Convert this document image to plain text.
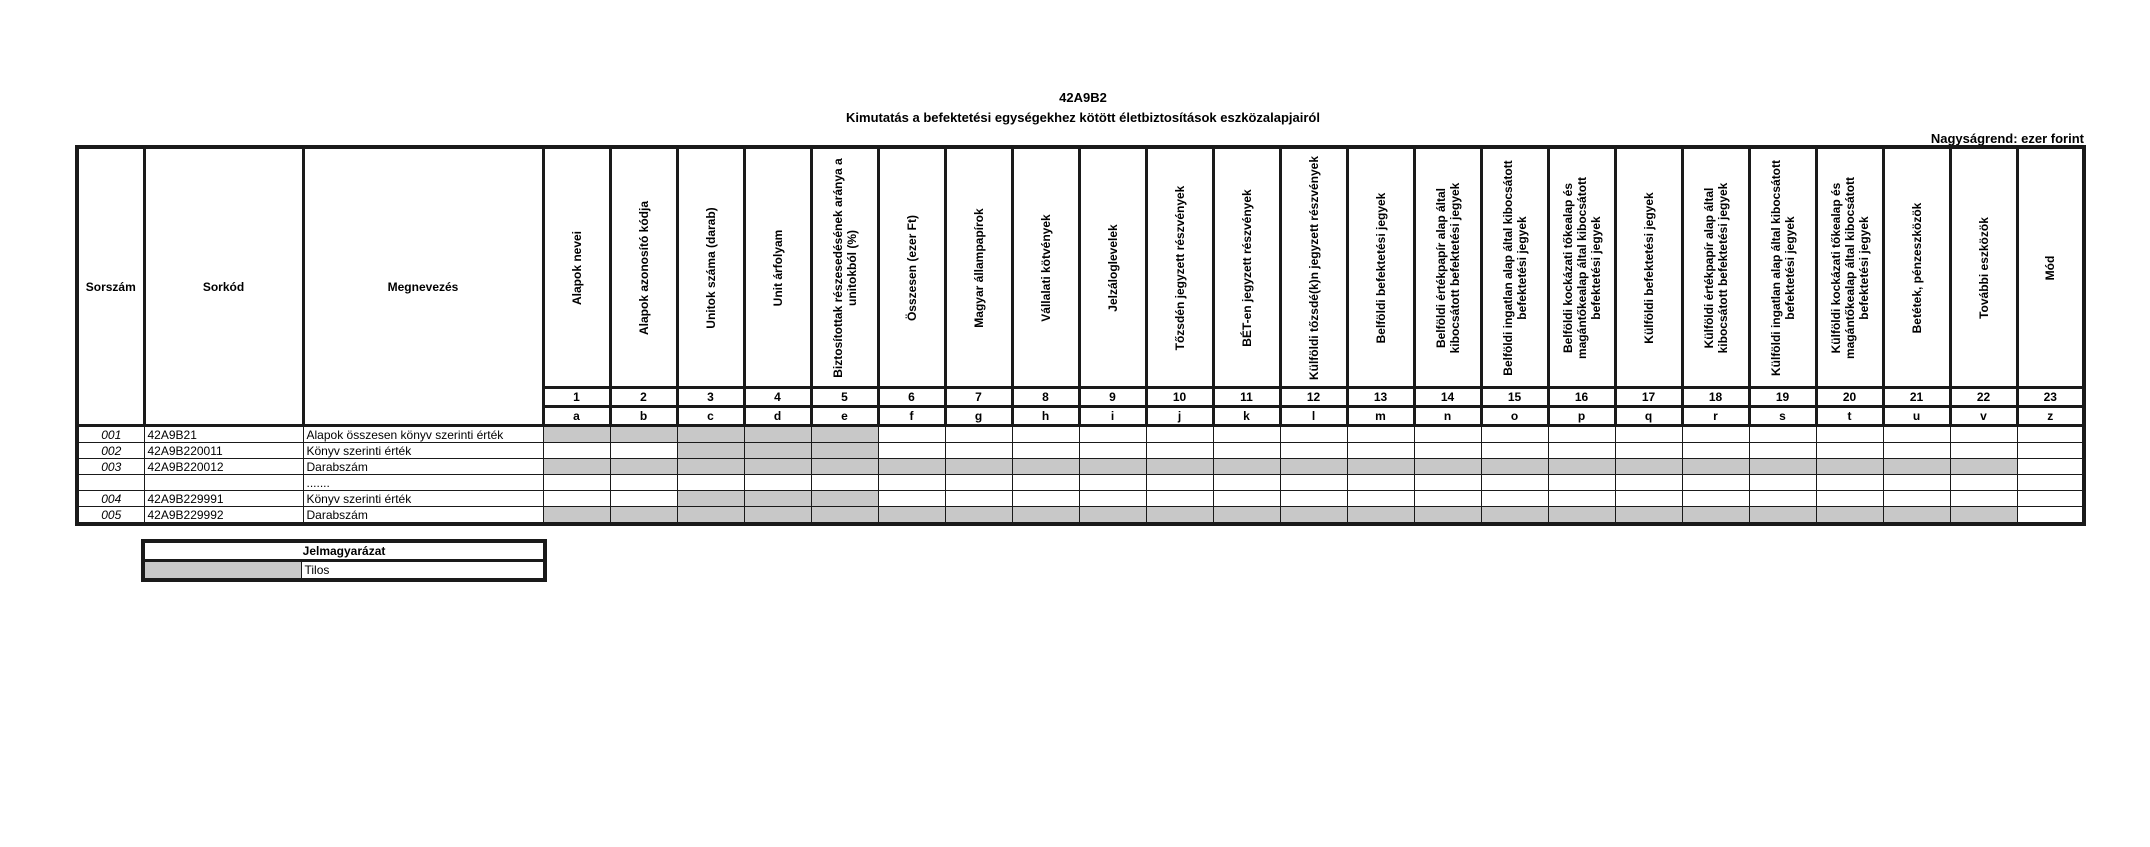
42A9B2
Kimutatás a befektetési egységekhez kötött életbiztosítások eszközalapjairól
Nagyságrend: ezer forint
Sorszám	Sorkód	Megnevezés	Alapok nevei	Alapok azonosító kódja	Unitok száma (darab)	Unit árfolyam	Biztosítottak részesedésének aránya a unitokból (%)	Összesen (ezer Ft)	Magyar állampapírok	Vállalati kötvények	Jelzáloglevelek	Tőzsdén jegyzett részvények	BÉT-en jegyzett részvények	Külföldi tőzsdé(k)n jegyzett részvények	Belföldi befektetési jegyek	Belföldi értékpapír alap által kibocsátott befektetési jegyek	Belföldi ingatlan alap által kibocsátott befektetési jegyek	Belföldi kockázati tőkealap és magántőkealap által kibocsátott befektetési jegyek	Külföldi befektetési jegyek	Külföldi értékpapír alap által kibocsátott befektetési jegyek	Külföldi ingatlan alap által kibocsátott befektetési jegyek	Külföldi kockázati tőkealap és magántőkealap által kibocsátott befektetési jegyek	Betétek, pénzeszközök	További eszközök	Mód

			1	2	3	4	5	6	7	8	9	10	11	12	13	14	15	16	17	18	19	20	21	22	23
			a	b	c	d	e	f	g	h	i	j	k	l	m	n	o	p	q	r	s	t	u	v	z
001	42A9B21	Alapok összesen könyv szerinti érték																							
002	42A9B220011	Könyv szerinti érték																							
003	42A9B220012	Darabszám																							
		.......																							
004	42A9B229991	Könyv szerinti érték																							
005	42A9B229992	Darabszám																							
Jelmagyarázat
	Tilos
